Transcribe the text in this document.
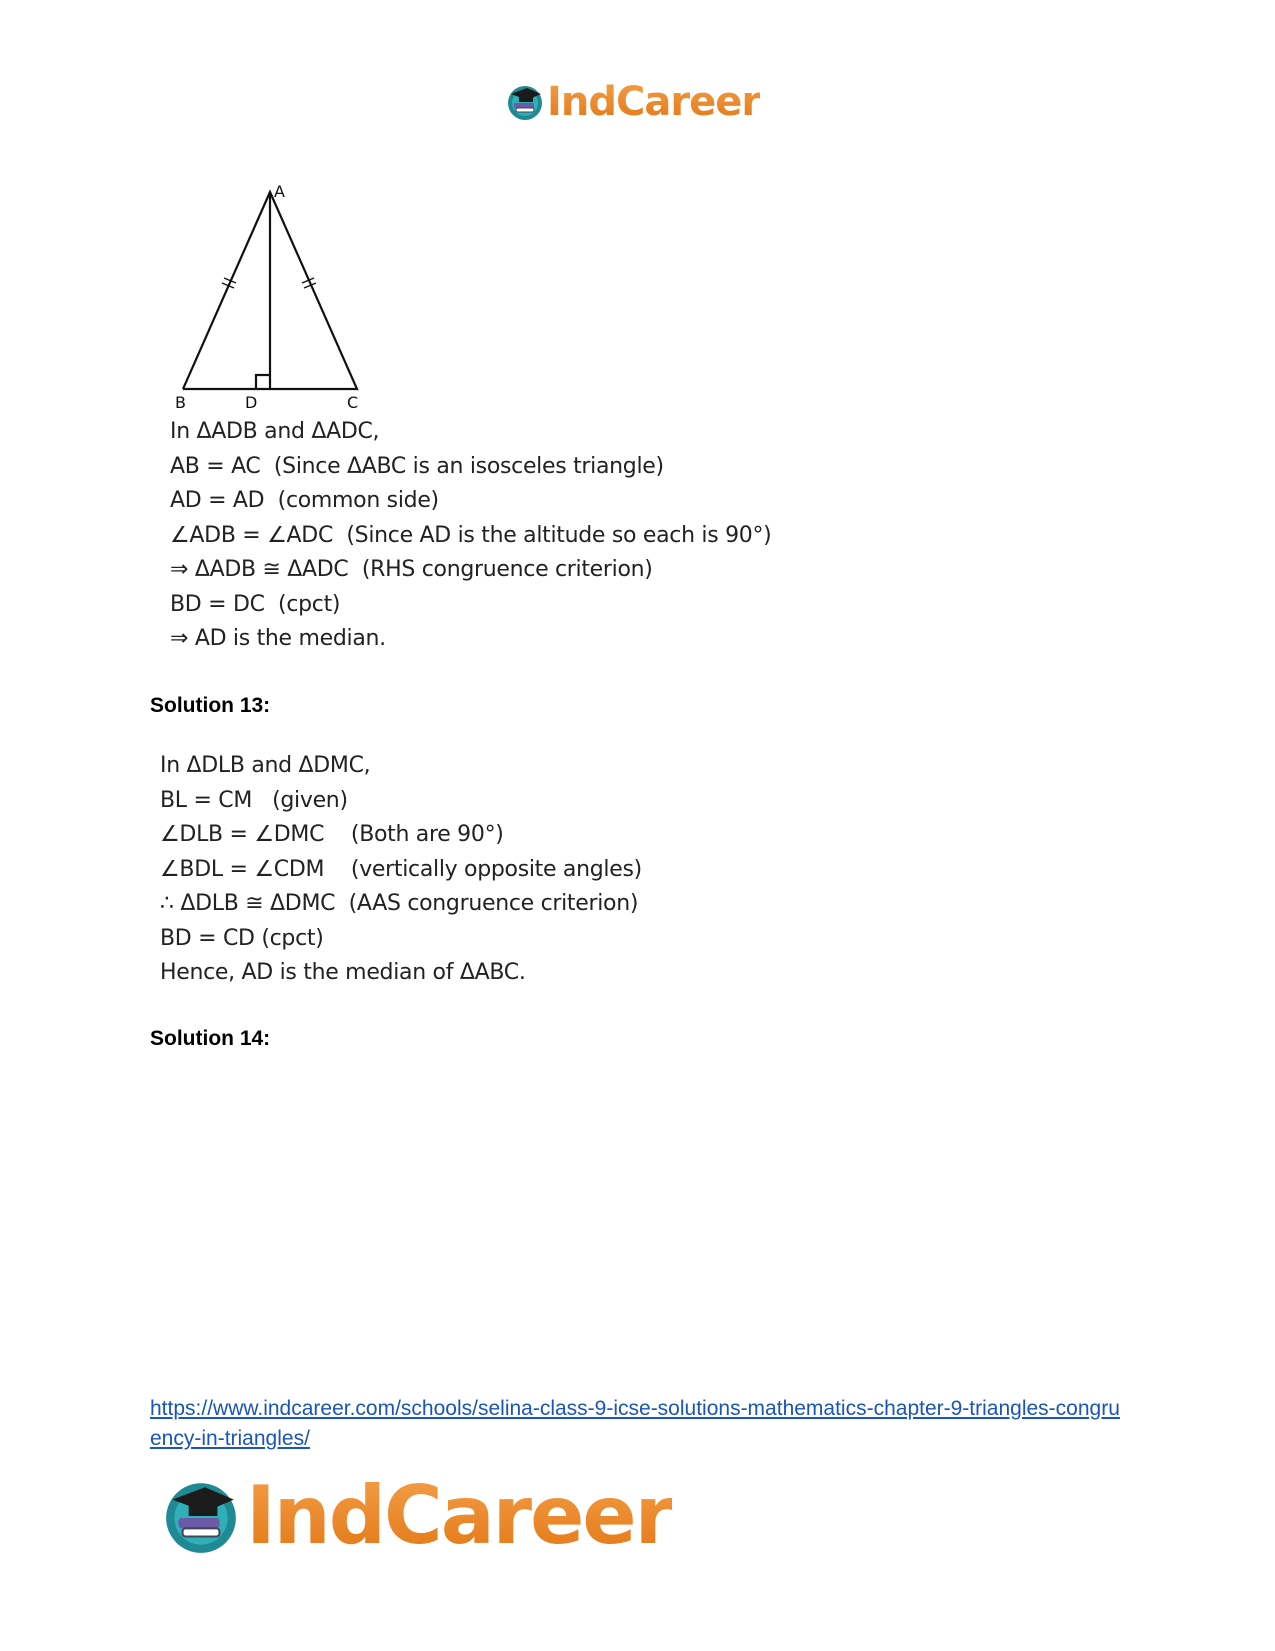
IndCareer
A
B	D	C
In ΔADB and ΔADC,
AB = AC  (Since ΔABC is an isosceles triangle)
AD = AD  (common side)
∠ADB = ∠ADC  (Since AD is the altitude so each is 90°)
⇒ ΔADB ≅ ΔADC  (RHS congruence criterion)
BD = DC  (cpct)
⇒ AD is the median.
Solution 13:
In ΔDLB and ΔDMC,
BL = CM   (given)
∠DLB = ∠DMC    (Both are 90°)
∠BDL = ∠CDM    (vertically opposite angles)
∴ ΔDLB ≅ ΔDMC  (AAS congruence criterion)
BD = CD (cpct)
Hence, AD is the median of ΔABC.
Solution 14:
https://www.indcareer.com/schools/selina-class-9-icse-solutions-mathematics-chapter-9-triangles-congruency-in-triangles/
IndCareer
